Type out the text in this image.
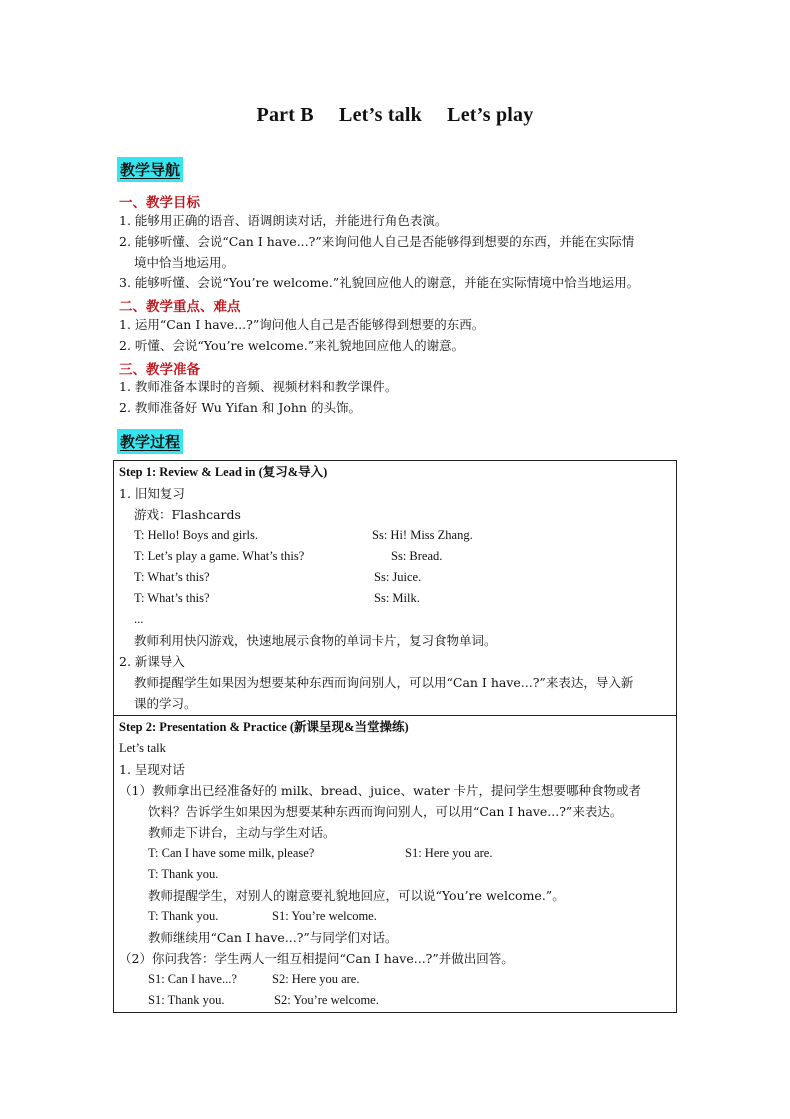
Part B Let’s talk Let’s play
教学导航
一、教学目标
1. 能够用正确的语音、语调朗读对话，并能进行角色表演。
2. 能够听懂、会说“Can I have...?”来询问他人自己是否能够得到想要的东西，并能在实际情
境中恰当地运用。
3. 能够听懂、会说“You’re welcome.”礼貌回应他人的谢意，并能在实际情境中恰当地运用。
二、教学重点、难点
1. 运用“Can I have...?”询问他人自己是否能够得到想要的东西。
2. 听懂、会说“You’re welcome.”来礼貌地回应他人的谢意。
三、教学准备
1. 教师准备本课时的音频、视频材料和教学课件。
2. 教师准备好 Wu Yifan 和 John 的头饰。
教学过程
Step 1: Review & Lead in (复习&导入)
1. 旧知复习
游戏：Flashcards
T: Hello! Boys and girls.	Ss: Hi! Miss Zhang.
T: Let’s play a game. What’s this?	Ss: Bread.
T: What’s this?	Ss: Juice.
T: What’s this?	Ss: Milk.
...
教师利用快闪游戏，快速地展示食物的单词卡片，复习食物单词。
2. 新课导入
教师提醒学生如果因为想要某种东西而询问别人，可以用“Can I have...?”来表达，导入新
课的学习。

Step 2: Presentation & Practice (新课呈现&当堂操练)
Let’s talk
1. 呈现对话
（1）教师拿出已经准备好的 milk、bread、juice、water 卡片，提问学生想要哪种食物或者
饮料？告诉学生如果因为想要某种东西而询问别人，可以用“Can I have...?”来表达。
教师走下讲台，主动与学生对话。
T: Can I have some milk, please?	S1: Here you are.
T: Thank you.
教师提醒学生，对别人的谢意要礼貌地回应，可以说“You’re welcome.”。
T: Thank you.	S1: You’re welcome.
教师继续用“Can I have...?”与同学们对话。
（2）你问我答：学生两人一组互相提问“Can I have...?”并做出回答。
S1: Can I have...?	S2: Here you are.
S1: Thank you.	S2: You’re welcome.
